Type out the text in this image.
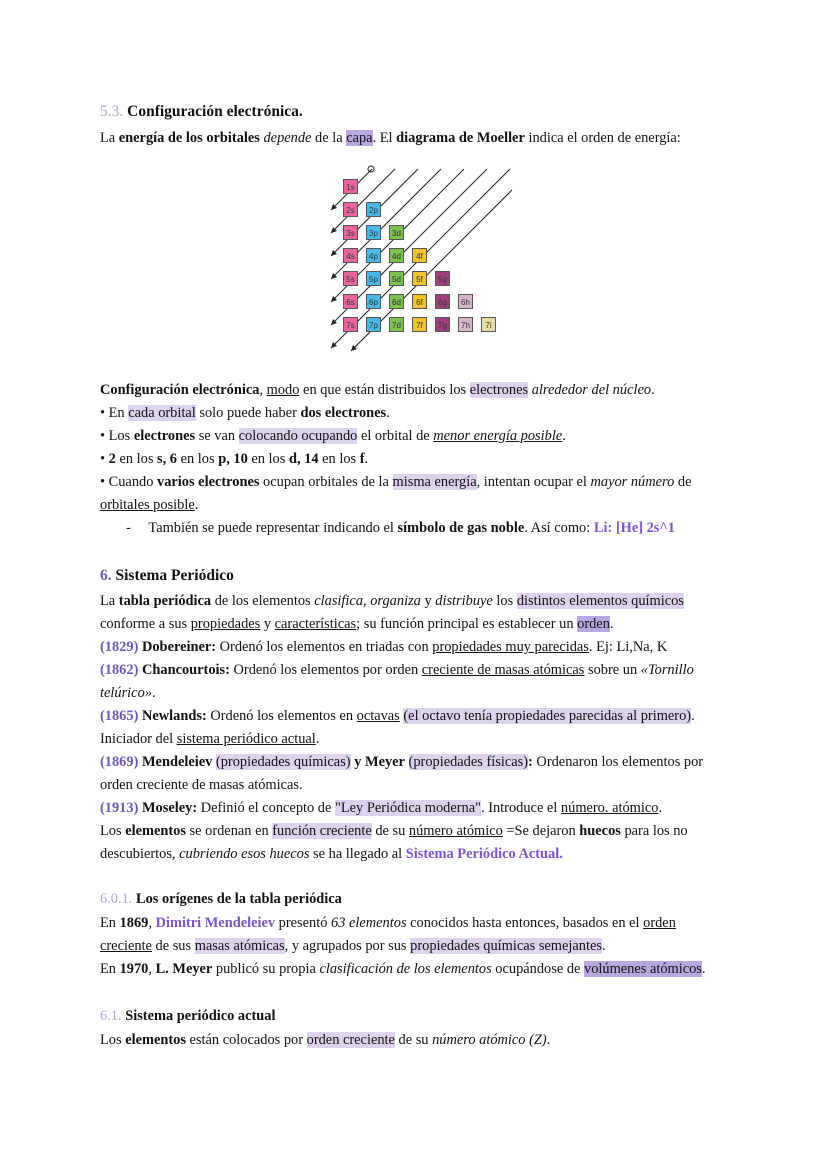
5.3. Configuración electrónica.
La energía de los orbitales depende de la capa. El diagrama de Moeller indica el orden de energía:
1s
2s	2p
3s	3p	3d
4s	4p	4d	4f
5s	5p	5d	5f	5g
6s	6p	6d	6f	6g	6h
7s	7p	7d	7f	7g	7h	7i
Configuración electrónica, modo en que están distribuidos los electrones alrededor del núcleo.
• En cada orbital solo puede haber dos electrones.
• Los electrones se van colocando ocupando el orbital de menor energía posible.
• 2 en los s, 6 en los p, 10 en los d, 14 en los f.
• Cuando varios electrones ocupan orbitales de la misma energía, intentan ocupar el mayor número de
orbitales posible.
- También se puede representar indicando el símbolo de gas noble. Así como: Li: [He] 2s^1
6. Sistema Periódico
La tabla periódica de los elementos clasifica, organiza y distribuye los distintos elementos químicos
conforme a sus propiedades y características; su función principal es establecer un orden.
(1829) Dobereiner: Ordenó los elementos en triadas con propiedades muy parecidas. Ej: Li,Na, K
(1862) Chancourtois: Ordenó los elementos por orden creciente de masas atómicas sobre un «Tornillo
telúrico».
(1865) Newlands: Ordenó los elementos en octavas (el octavo tenía propiedades parecidas al primero).
Iniciador del sistema periódico actual.
(1869) Mendeleiev (propiedades químicas) y Meyer (propiedades físicas): Ordenaron los elementos por
orden creciente de masas atómicas.
(1913) Moseley: Definió el concepto de "Ley Periódica moderna". Introduce el número. atómico.
Los elementos se ordenan en función creciente de su número atómico =Se dejaron huecos para los no
descubiertos, cubriendo esos huecos se ha llegado al Sistema Periódico Actual.
6.0.1. Los orígenes de la tabla periódica
En 1869, Dimitri Mendeleiev presentó 63 elementos conocidos hasta entonces, basados en el orden
creciente de sus masas atómicas, y agrupados por sus propiedades químicas semejantes.
En 1970, L. Meyer publicó su propia clasificación de los elementos ocupándose de volúmenes atómicos.
6.1. Sistema periódico actual
Los elementos están colocados por orden creciente de su número atómico (Z).
